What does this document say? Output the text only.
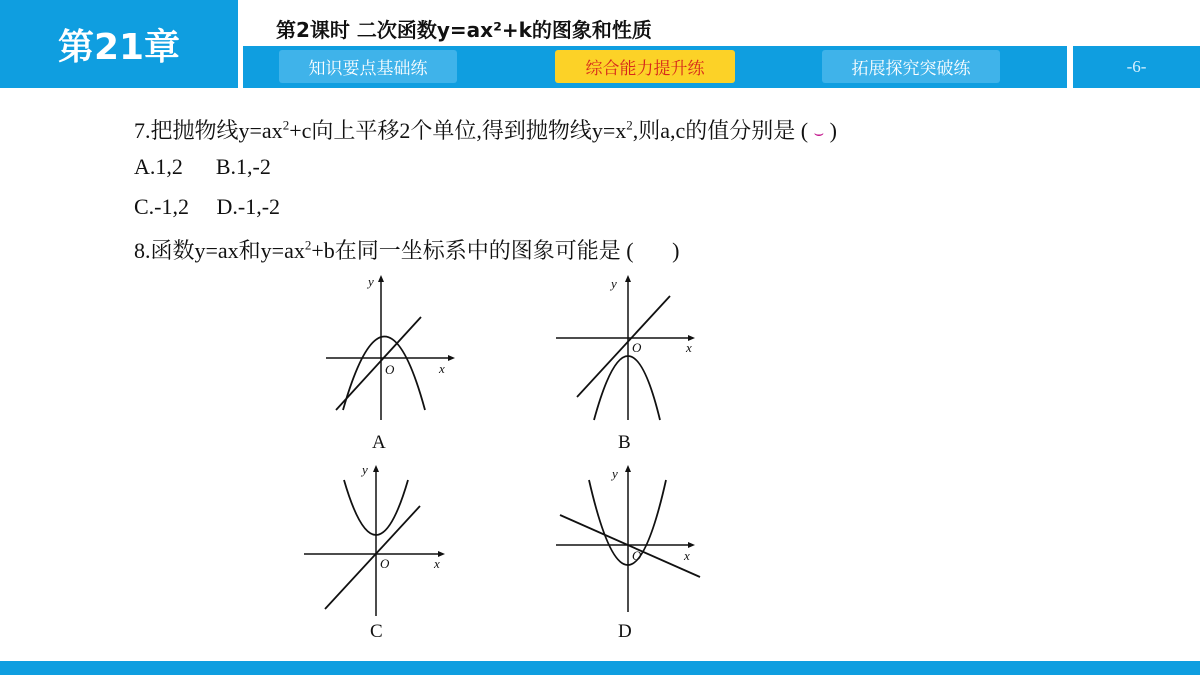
第21章	第2课时 二次函数y=ax²+k的图象和性质
知识要点基础练	综合能力提升练	拓展探究突破练	-6-
7.把抛物线$y=ax^2+c$向上平移2个单位,得到抛物线$y=x^2$,则a,c的值分别是 ( ⌣ )
A.1,2      B.1,-2
C.-1,2     D.-1,-2
8.函数y=ax和$y=ax^2+b$在同一坐标系中的图象可能是 (       )
y
x
O
A
y
x
O
B
y
x
O
C
y
x
O
D
